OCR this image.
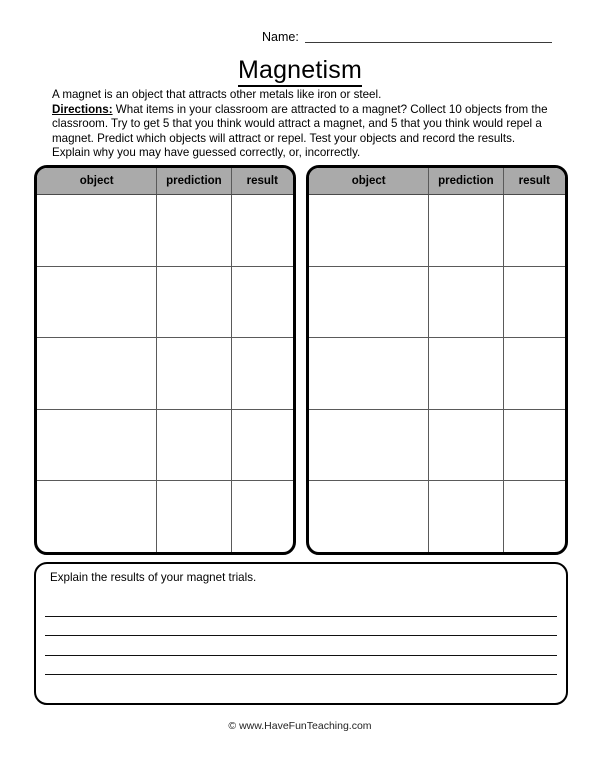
Name:
Magnetism

A magnet is an object that attracts other metals like iron or steel.

Directions: What items in your classroom are attracted to a magnet? Collect 10 objects from the classroom. Try to get 5 that you think would attract a magnet, and 5 that you think would repel a magnet. Predict which objects will attract or repel. Test your objects and record the results. Explain why you may have guessed correctly, or, incorrectly.

object	prediction	result	object	prediction	result
Explain the results of your magnet trials.
© www.HaveFunTeaching.com
